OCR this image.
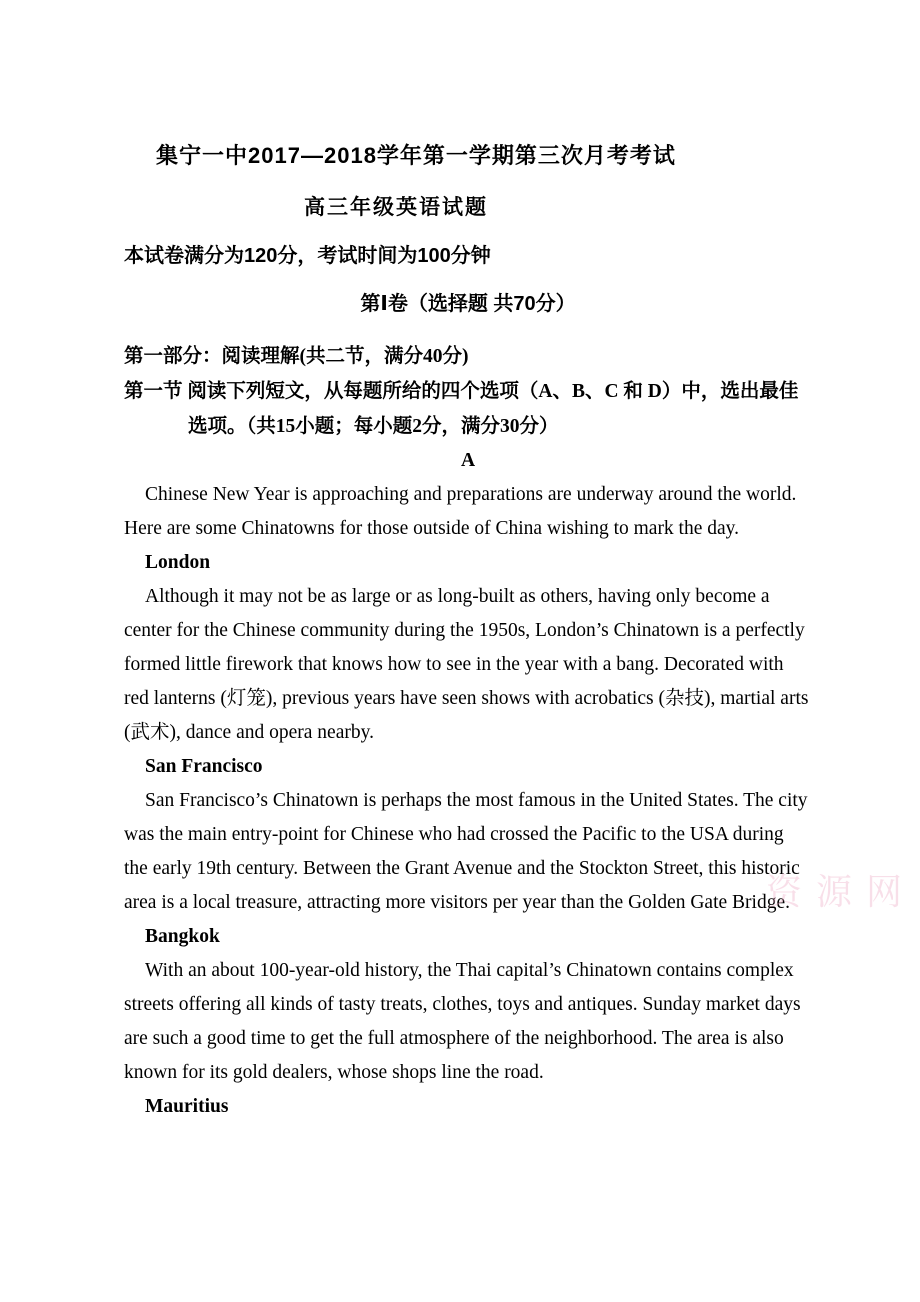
集宁一中2017—2018学年第一学期第三次月考考试
高三年级英语试题

本试卷满分为120分，考试时间为100分钟

第Ⅰ卷（选择题 共70分）

第一部分：阅读理解(共二节，满分40分)

第一节 阅读下列短文，从每题所给的四个选项（A、B、C 和 D）中，选出最佳选项。（共15小题；每小题2分，满分30分）

A

Chinese New Year is approaching and preparations are underway around the world. Here are some Chinatowns for those outside of China wishing to mark the day.

London

Although it may not be as large or as long-built as others, having only become a center for the Chinese community during the 1950s, London’s Chinatown is a perfectly formed little firework that knows how to see in the year with a bang. Decorated with red lanterns (灯笼), previous years have seen shows with acrobatics (杂技), martial arts (武术), dance and opera nearby.

San Francisco

San Francisco’s Chinatown is perhaps the most famous in the United States. The city was the main entry-point for Chinese who had crossed the Pacific to the USA during the early 19th century. Between the Grant Avenue and the Stockton Street, this historic area is a local treasure, attracting more visitors per year than the Golden Gate Bridge.

Bangkok

With an about 100-year-old history, the Thai capital’s Chinatown contains complex streets offering all kinds of tasty treats, clothes, toys and antiques. Sunday market days are such a good time to get the full atmosphere of the neighborhood. The area is also known for its gold dealers, whose shops line the road.

Mauritius

资源网
